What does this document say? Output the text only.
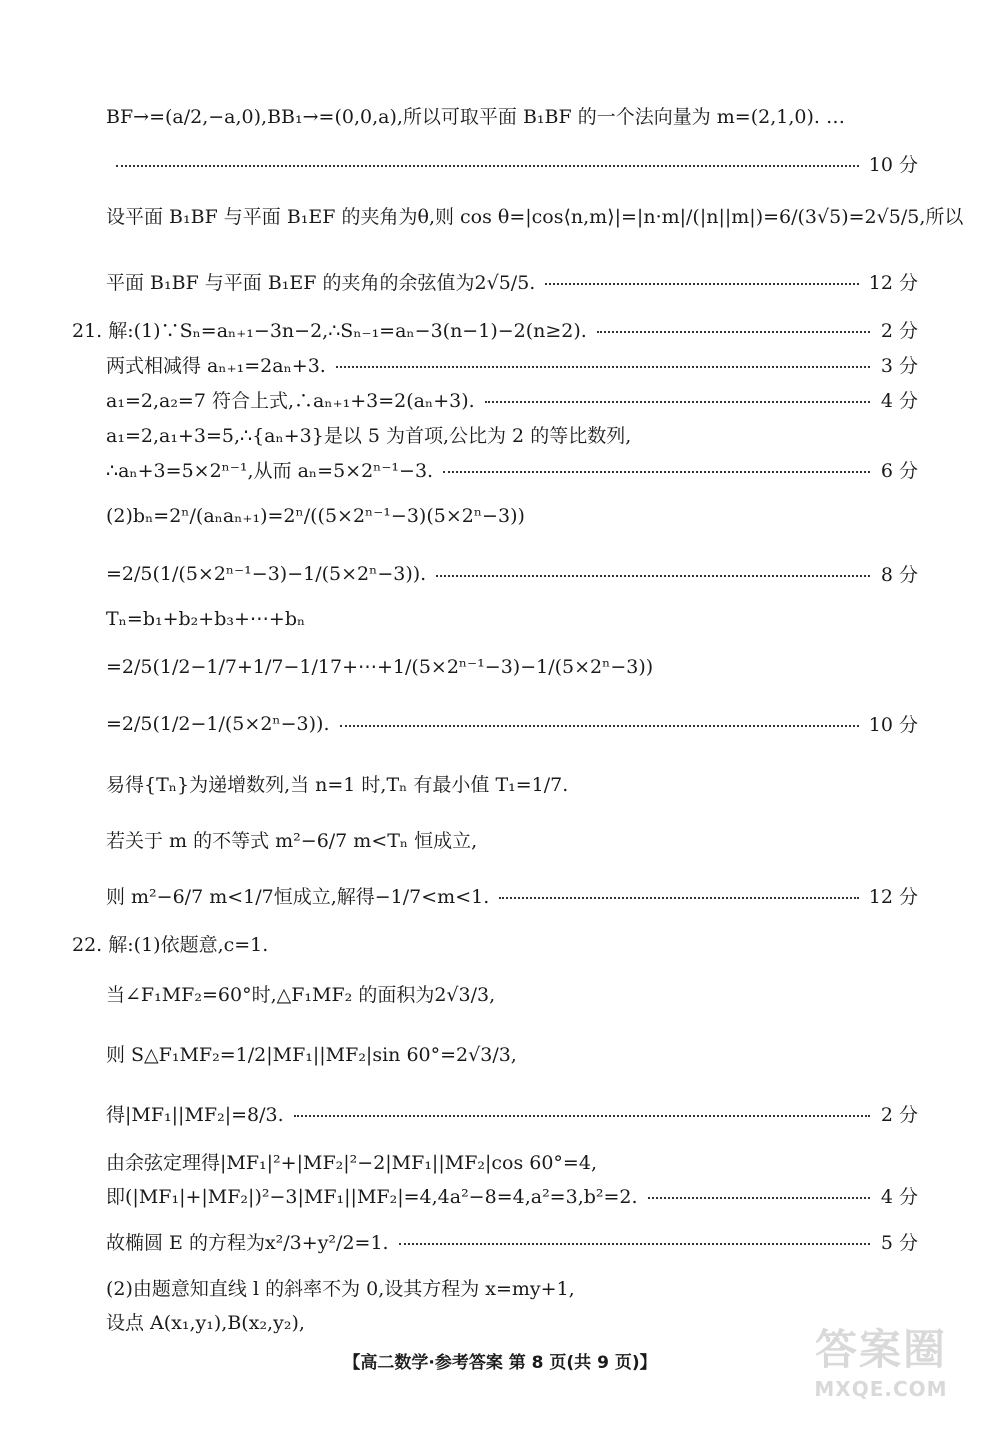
BF→=(a/2,−a,0),BB₁→=(0,0,a),所以可取平面 B₁BF 的一个法向量为 m=(2,1,0). …
10 分
设平面 B₁BF 与平面 B₁EF 的夹角为θ,则 cos θ=|cos⟨n,m⟩|=|n·m|/(|n||m|)=6/(3√5)=2√5/5,所以
平面 B₁BF 与平面 B₁EF 的夹角的余弦值为2√5/5.	12 分
21. 解:(1)∵Sₙ=aₙ₊₁−3n−2,∴Sₙ₋₁=aₙ−3(n−1)−2(n≥2).	2 分
两式相减得 aₙ₊₁=2aₙ+3.	3 分
a₁=2,a₂=7 符合上式,∴aₙ₊₁+3=2(aₙ+3).	4 分
a₁=2,a₁+3=5,∴{aₙ+3}是以 5 为首项,公比为 2 的等比数列,
∴aₙ+3=5×2ⁿ⁻¹,从而 aₙ=5×2ⁿ⁻¹−3.	6 分
(2)bₙ=2ⁿ/(aₙaₙ₊₁)=2ⁿ/((5×2ⁿ⁻¹−3)(5×2ⁿ−3))
=2/5(1/(5×2ⁿ⁻¹−3)−1/(5×2ⁿ−3)).	8 分
Tₙ=b₁+b₂+b₃+⋯+bₙ
=2/5(1/2−1/7+1/7−1/17+⋯+1/(5×2ⁿ⁻¹−3)−1/(5×2ⁿ−3))
=2/5(1/2−1/(5×2ⁿ−3)).	10 分
易得{Tₙ}为递增数列,当 n=1 时,Tₙ 有最小值 T₁=1/7.
若关于 m 的不等式 m²−6/7 m<Tₙ 恒成立,
则 m²−6/7 m<1/7恒成立,解得−1/7<m<1.	12 分
22. 解:(1)依题意,c=1.
当∠F₁MF₂=60°时,△F₁MF₂ 的面积为2√3/3,
则 S△F₁MF₂=1/2|MF₁||MF₂|sin 60°=2√3/3,
得|MF₁||MF₂|=8/3.	2 分
由余弦定理得|MF₁|²+|MF₂|²−2|MF₁||MF₂|cos 60°=4,
即(|MF₁|+|MF₂|)²−3|MF₁||MF₂|=4,4a²−8=4,a²=3,b²=2.	4 分
故椭圆 E 的方程为x²/3+y²/2=1.	5 分
(2)由题意知直线 l 的斜率不为 0,设其方程为 x=my+1,
设点 A(x₁,y₁),B(x₂,y₂),
【高二数学·参考答案 第 8 页(共 9 页)】	答案圈
MXQE.COM
